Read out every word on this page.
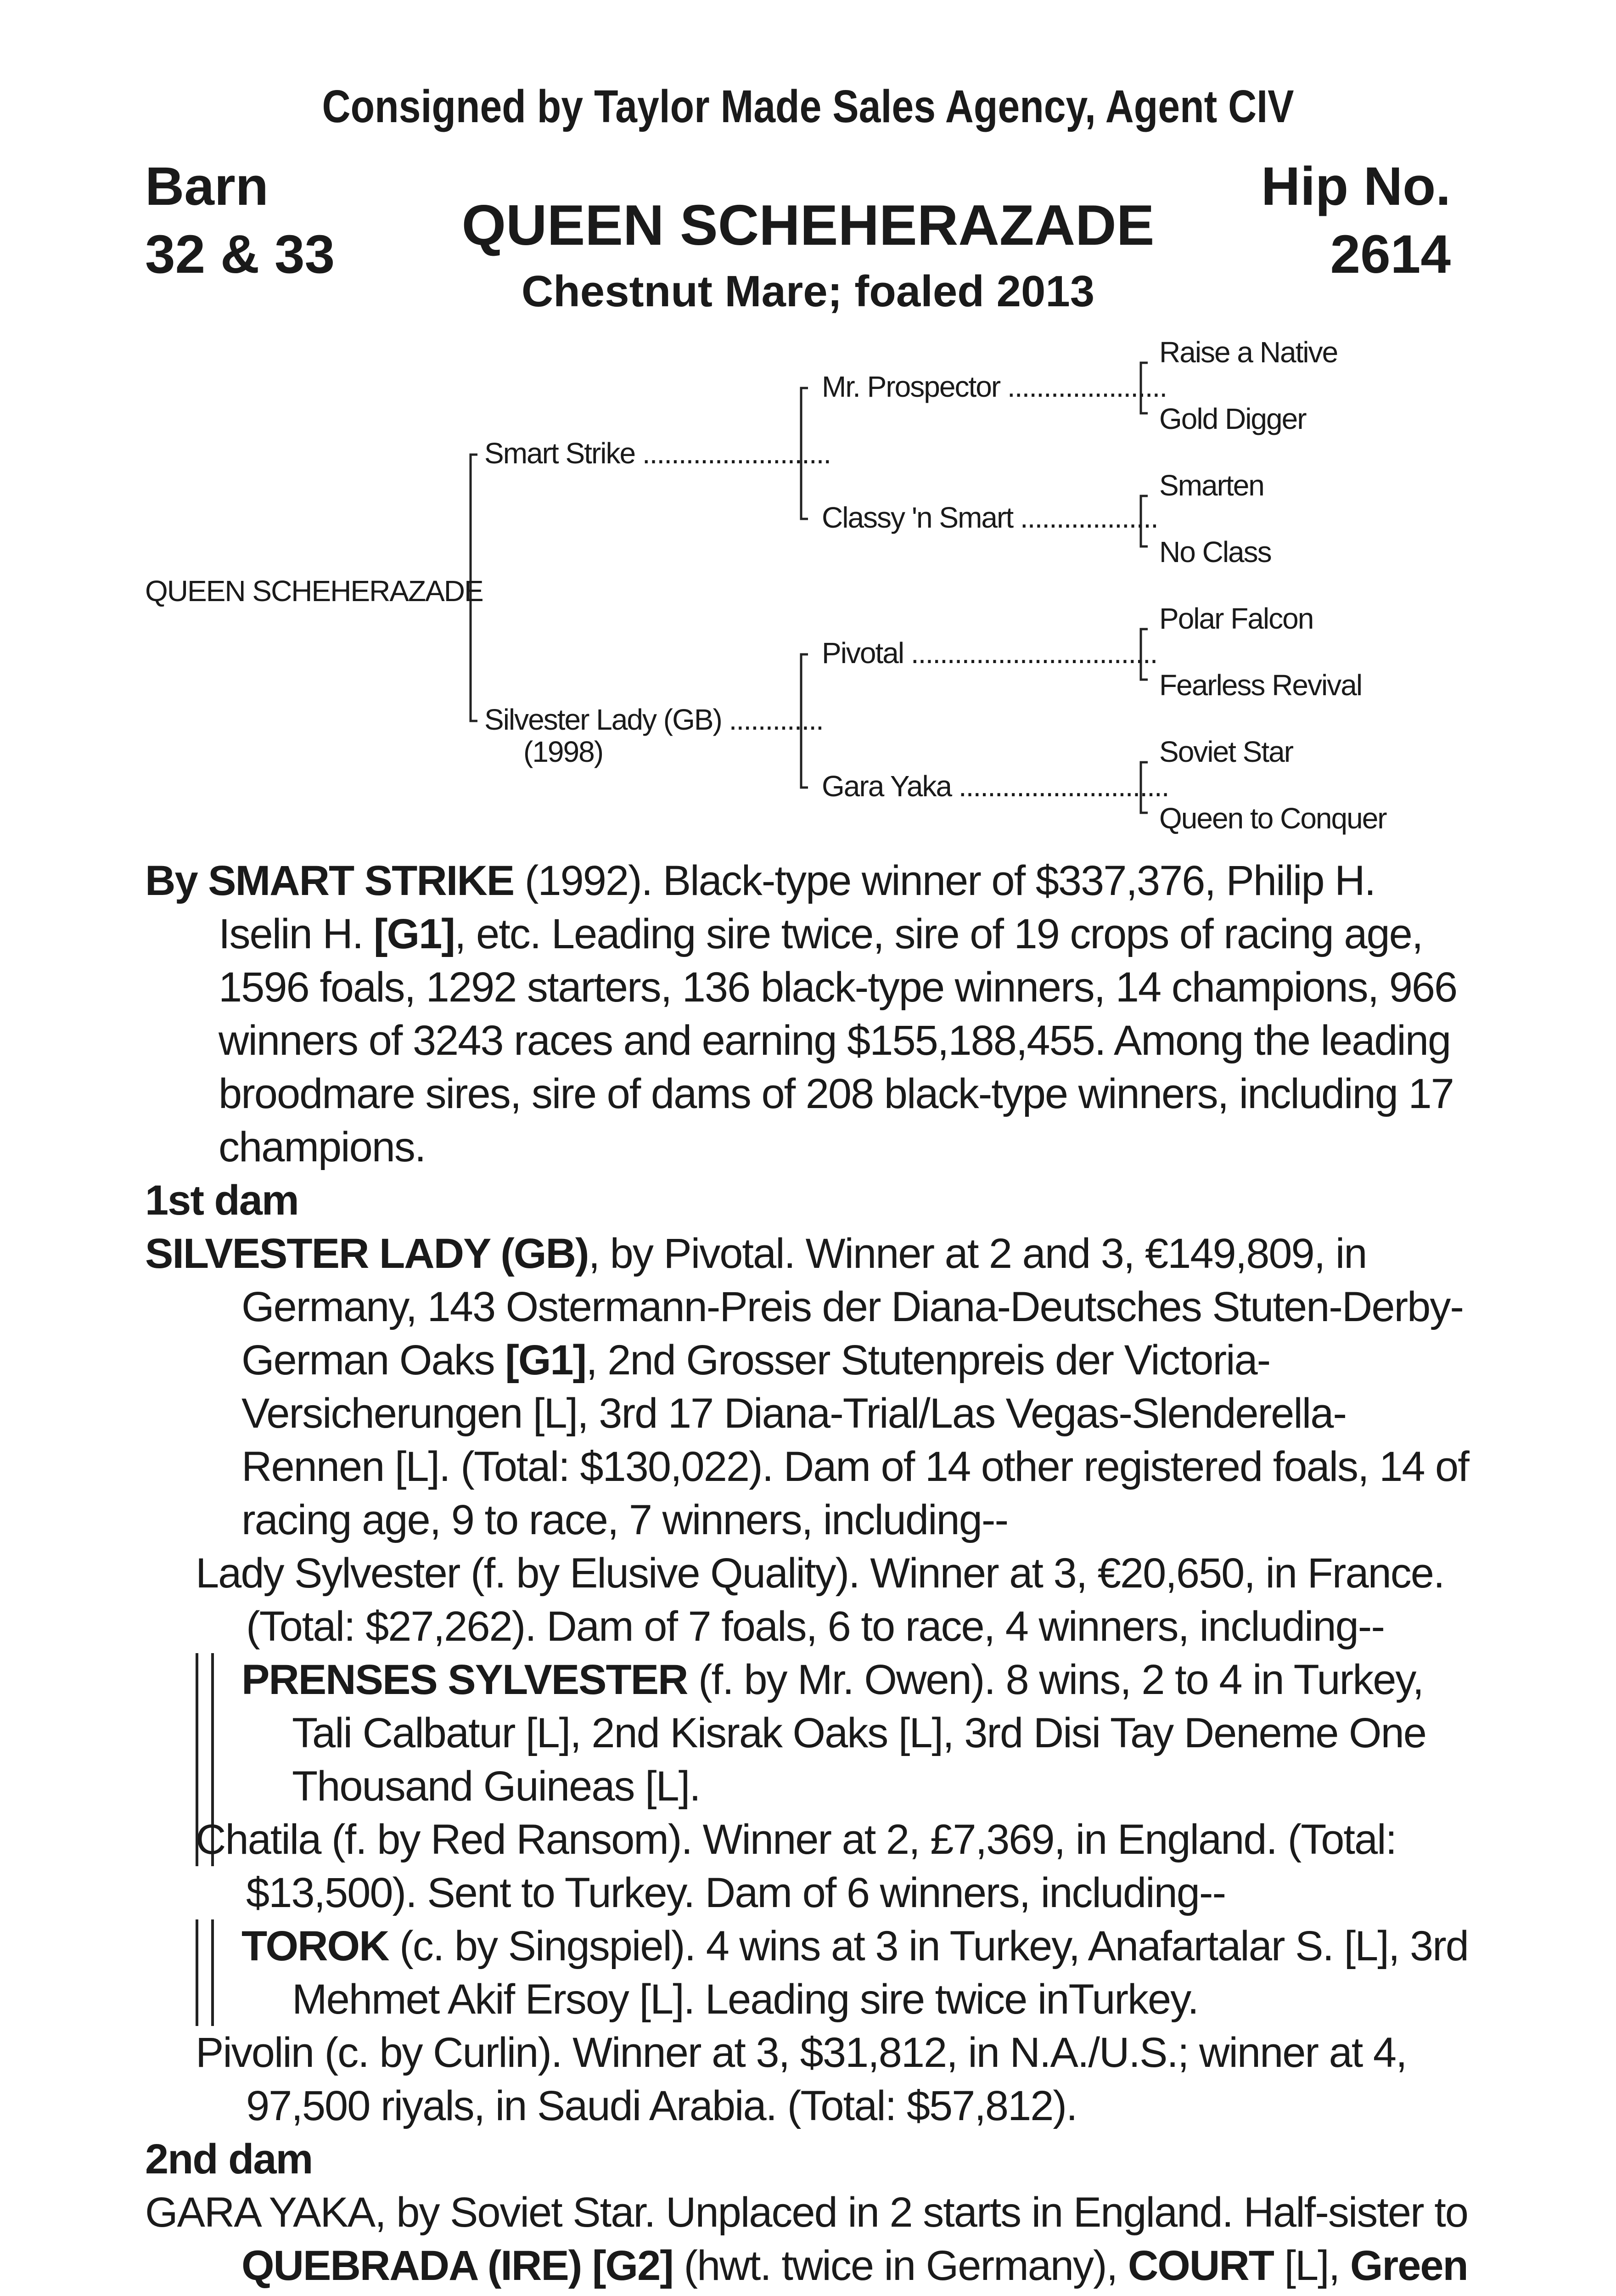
Consigned by Taylor Made Sales Agency, Agent CIV
Barn
32 & 33
Hip No.
2614
QUEEN SCHEHERAZADE
Chestnut Mare; foaled 2013
QUEEN SCHEHERAZADE
Smart Strike ..........................
Silvester Lady (GB) .............
(1998)
Mr. Prospector ......................
Classy 'n Smart ...................
Pivotal ..................................
Gara Yaka .............................
Raise a Native
Gold Digger
Smarten
No Class
Polar Falcon
Fearless Revival
Soviet Star
Queen to Conquer

By SMART STRIKE (1992). Black-type winner of $337,376, Philip H. Iselin H. [G1], etc. Leading sire twice, sire of 19 crops of racing age, 1596 foals, 1292 starters, 136 black-type winners, 14 champions, 966 winners of 3243 races and earning $155,188,455. Among the leading broodmare sires, sire of dams of 208 black-type winners, including 17 champions.

1st dam

SILVESTER LADY (GB), by Pivotal. Winner at 2 and 3, €149,809, in Germany, 143 Ostermann-Preis der Diana-Deutsches Stuten-Derby-German Oaks [G1], 2nd Grosser Stutenpreis der Victoria-Versicherungen [L], 3rd 17 Diana-Trial/Las Vegas-Slenderella-Rennen [L]. (Total: $130,022). Dam of 14 other registered foals, 14 of racing age, 9 to race, 7 winners, including--

Lady Sylvester (f. by Elusive Quality). Winner at 3, €20,650, in France. (Total: $27,262). Dam of 7 foals, 6 to race, 4 winners, including--

PRENSES SYLVESTER (f. by Mr. Owen). 8 wins, 2 to 4 in Turkey, Tali Calbatur [L], 2nd Kisrak Oaks [L], 3rd Disi Tay Deneme One Thousand Guineas [L].

Chatila (f. by Red Ransom). Winner at 2, £7,369, in England. (Total: $13,500). Sent to Turkey. Dam of 6 winners, including--

TOROK (c. by Singspiel). 4 wins at 3 in Turkey, Anafartalar S. [L], 3rd Mehmet Akif Ersoy [L]. Leading sire twice inTurkey.

Pivolin (c. by Curlin). Winner at 3, $31,812, in N.A./U.S.; winner at 4, 97,500 riyals, in Saudi Arabia. (Total: $57,812).

2nd dam

GARA YAKA, by Soviet Star. Unplaced in 2 starts in England. Half-sister to QUEBRADA (IRE) [G2] (hwt. twice in Germany), COURT [L], Green
